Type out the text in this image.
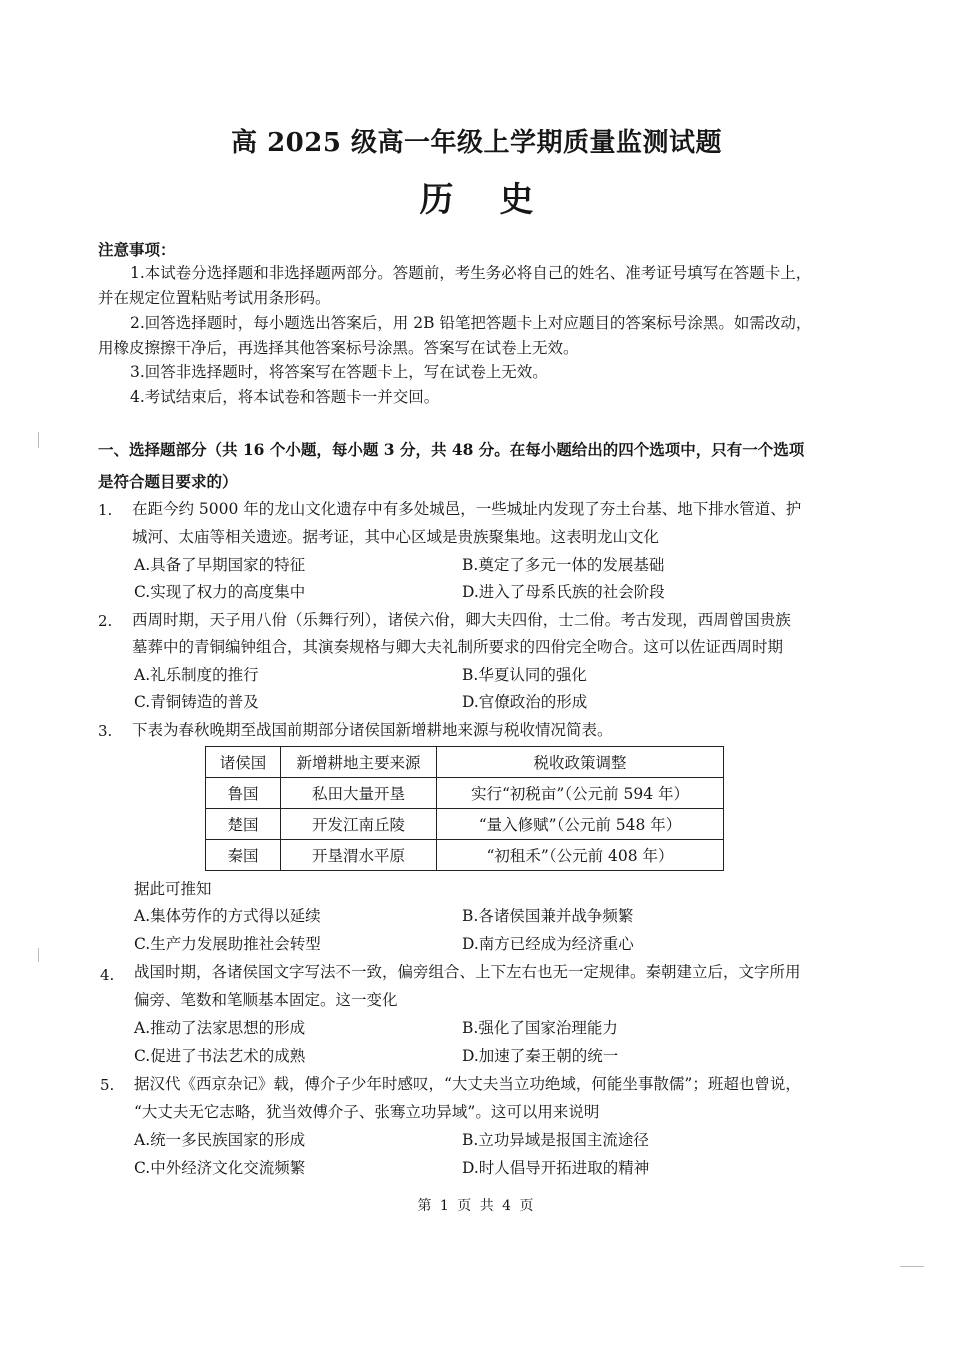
高 2025 级高一年级上学期质量监测试题
历史
注意事项：
1.本试卷分选择题和非选择题两部分。答题前，考生务必将自己的姓名、准考证号填写在答题卡上，
并在规定位置粘贴考试用条形码。
2.回答选择题时，每小题选出答案后，用 2B 铅笔把答题卡上对应题目的答案标号涂黑。如需改动，
用橡皮擦擦干净后，再选择其他答案标号涂黑。答案写在试卷上无效。
3.回答非选择题时，将答案写在答题卡上，写在试卷上无效。
4.考试结束后，将本试卷和答题卡一并交回。
一、选择题部分（共 16 个小题，每小题 3 分，共 48 分。在每小题给出的四个选项中，只有一个选项
是符合题目要求的）
1. 在距今约 5000 年的龙山文化遗存中有多处城邑，一些城址内发现了夯土台基、地下排水管道、护
城河、太庙等相关遗迹。据考证，其中心区域是贵族聚集地。这表明龙山文化
A.具备了早期国家的特征	B.奠定了多元一体的发展基础
C.实现了权力的高度集中	D.进入了母系氏族的社会阶段
2. 西周时期，天子用八佾（乐舞行列），诸侯六佾，卿大夫四佾，士二佾。考古发现，西周曾国贵族
墓葬中的青铜编钟组合，其演奏规格与卿大夫礼制所要求的四佾完全吻合。这可以佐证西周时期
A.礼乐制度的推行	B.华夏认同的强化
C.青铜铸造的普及	D.官僚政治的形成
3. 下表为春秋晚期至战国前期部分诸侯国新增耕地来源与税收情况简表。
诸侯国	新增耕地主要来源	税收政策调整
鲁国	私田大量开垦	实行“初税亩”（公元前 594 年）
楚国	开发江南丘陵	“量入修赋”（公元前 548 年）
秦国	开垦渭水平原	“初租禾”（公元前 408 年）
据此可推知
A.集体劳作的方式得以延续	B.各诸侯国兼并战争频繁
C.生产力发展助推社会转型	D.南方已经成为经济重心
4. 战国时期，各诸侯国文字写法不一致，偏旁组合、上下左右也无一定规律。秦朝建立后，文字所用
偏旁、笔数和笔顺基本固定。这一变化
A.推动了法家思想的形成	B.强化了国家治理能力
C.促进了书法艺术的成熟	D.加速了秦王朝的统一
5. 据汉代《西京杂记》载，傅介子少年时感叹，“大丈夫当立功绝域，何能坐事散儒”；班超也曾说，
“大丈夫无它志略，犹当效傅介子、张骞立功异域”。这可以用来说明
A.统一多民族国家的形成	B.立功异域是报国主流途径
C.中外经济文化交流频繁	D.时人倡导开拓进取的精神
第 1 页 共 4 页
